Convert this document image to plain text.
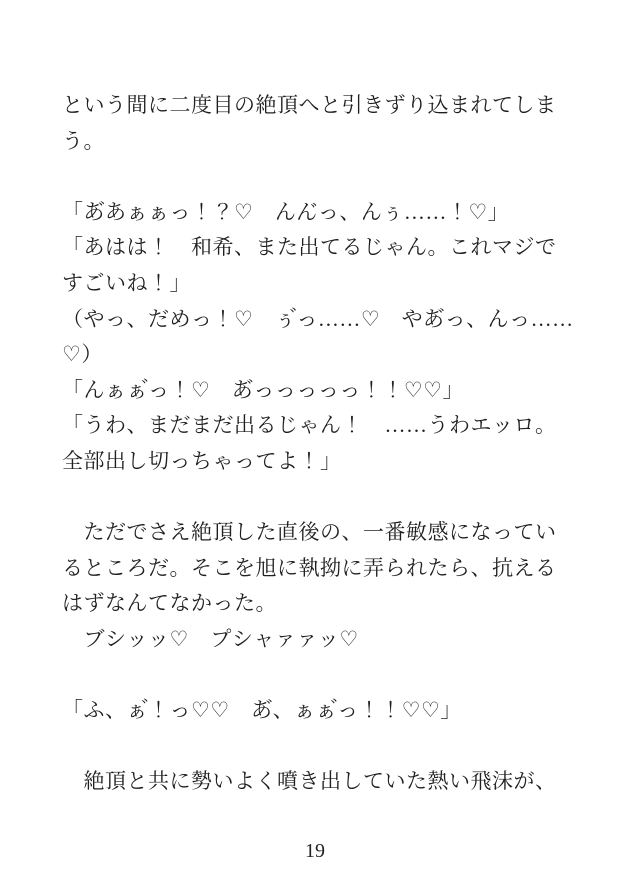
という間に二度目の絶頂へと引きずり込まれてしま
う。
「あ゙あぁぁっ！？♡　んん゙っ、んぅ……！♡」
「あはは！　和希、また出てるじゃん。これマジで
すごいね！」
（やっ、だめっ！♡　ぅ゙っ……♡　やあ゙っ、んっ……
♡）
「んぁぁ゙っ！♡　あ゙っっっっっ！！♡♡」
「うわ、まだまだ出るじゃん！　……うわエッロ。
全部出し切っちゃってよ！」
　ただでさえ絶頂した直後の、一番敏感になってい
るところだ。そこを旭に執拗に弄られたら、抗える
はずなんてなかった。
　ブシッッ♡　プシャァァッ♡
「ふ、ぁ゙！っ♡♡　あ゙、ぁぁ゙っ！！♡♡」
　絶頂と共に勢いよく噴き出していた熱い飛沫が、
19
